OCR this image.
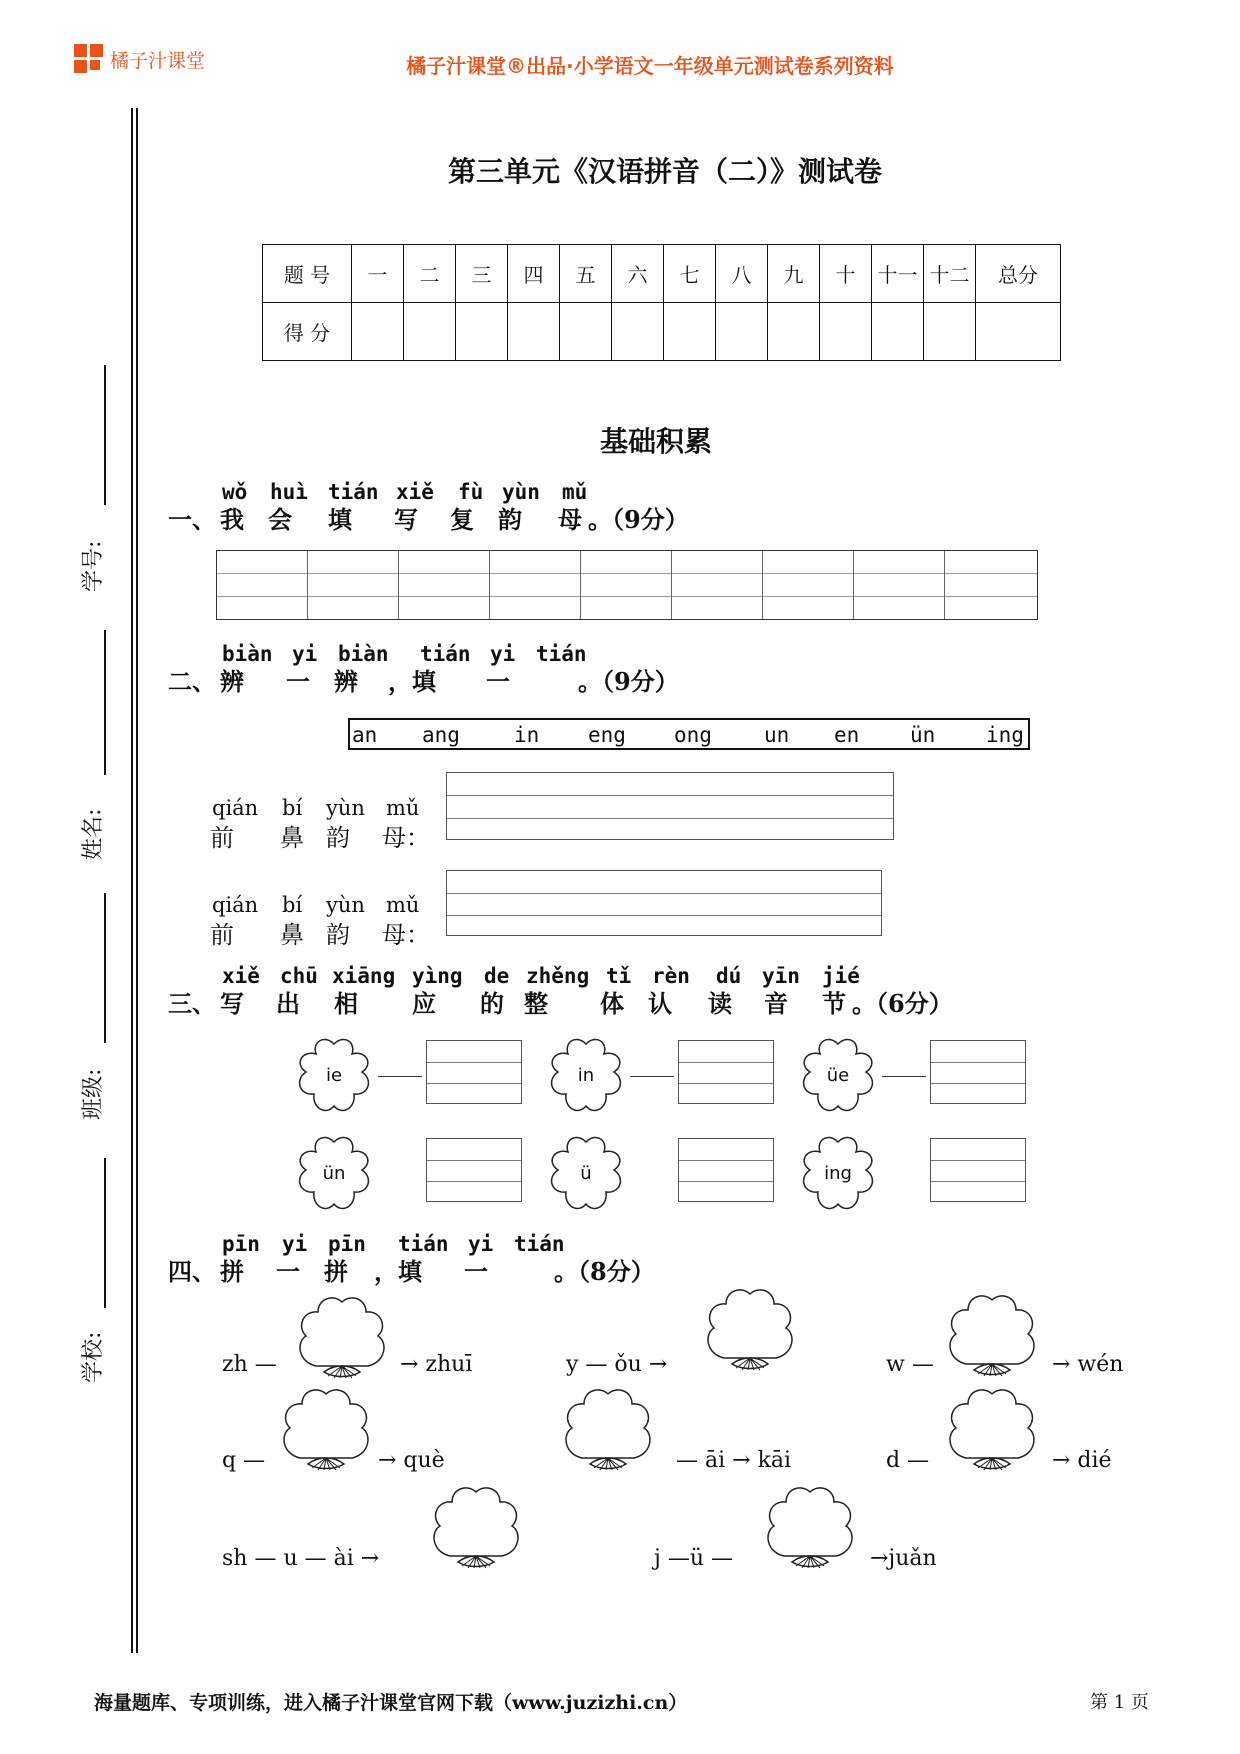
橘子汁课堂	橘子汁课堂®出品·小学语文一年级单元测试卷系列资料
学号:
姓名:
班级:
学校:
第三单元《汉语拼音（二）》测试卷
题 号	一	二	三	四	五	六	七	八	九	十	十一	十二	总分
得 分													
基础积累
wǒ huì tián xiě fù yùn mǔ
一、 我 会 填 写 复 韵 母 。（9分）
biàn yi biàn tián yi tián
二、 辨 一 辨 ，填 一	。（9分）
an ang	in eng ong un en ün ing
qián bí yùn mǔ
前 鼻 韵 母：
qián bí yùn mǔ
前 鼻 韵 母：
xiě chū xiāng yìng de zhěng tǐ rèn dú yīn jié
三、 写 出 相 应 的 整 体 认 读 音 节 。（6分）
ie	in	üe
ün	ü	ing
pīn yi pīn tián yi tián
四、 拼 一 拼 ，填 一	。（8分）
zh —	→ zhuī	y — ǒu →	w —	→ wén
q —	→ què	— āi → kāi	d —	→ dié
sh — u — ài →	j —ü —	→juǎn
海量题库、专项训练，进入橘子汁课堂官网下载（www.juzizhi.cn）	第 1 页
